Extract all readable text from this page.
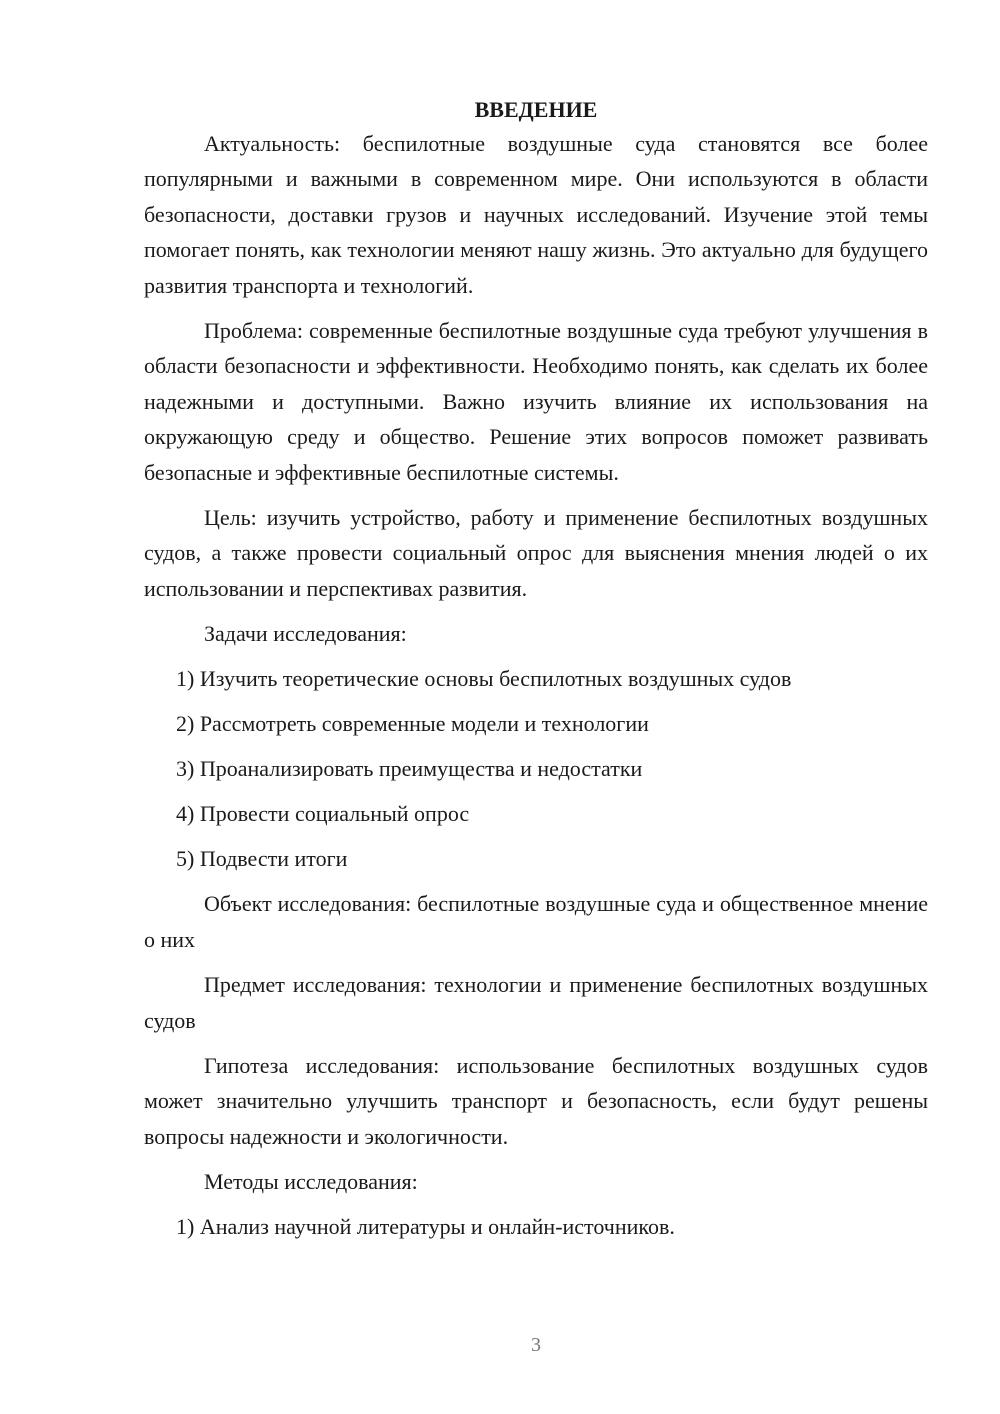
ВВЕДЕНИЕ

Актуальность: беспилотные воздушные суда становятся все более популярными и важными в современном мире. Они используются в области безопасности, доставки грузов и научных исследований. Изучение этой темы помогает понять, как технологии меняют нашу жизнь. Это актуально для будущего развития транспорта и технологий.

Проблема: современные беспилотные воздушные суда требуют улучшения в области безопасности и эффективности. Необходимо понять, как сделать их более надежными и доступными. Важно изучить влияние их использования на окружающую среду и общество. Решение этих вопросов поможет развивать безопасные и эффективные беспилотные системы.

Цель: изучить устройство, работу и применение беспилотных воздушных судов, а также провести социальный опрос для выяснения мнения людей о их использовании и перспективах развития.

Задачи исследования:

1) Изучить теоретические основы беспилотных воздушных судов

2) Рассмотреть современные модели и технологии

3) Проанализировать преимущества и недостатки

4) Провести социальный опрос

5) Подвести итоги

Объект исследования: беспилотные воздушные суда и общественное мнение о них

Предмет исследования: технологии и применение беспилотных воздушных судов

Гипотеза исследования: использование беспилотных воздушных судов может значительно улучшить транспорт и безопасность, если будут решены вопросы надежности и экологичности.

Методы исследования:

1) Анализ научной литературы и онлайн-источников.

3
